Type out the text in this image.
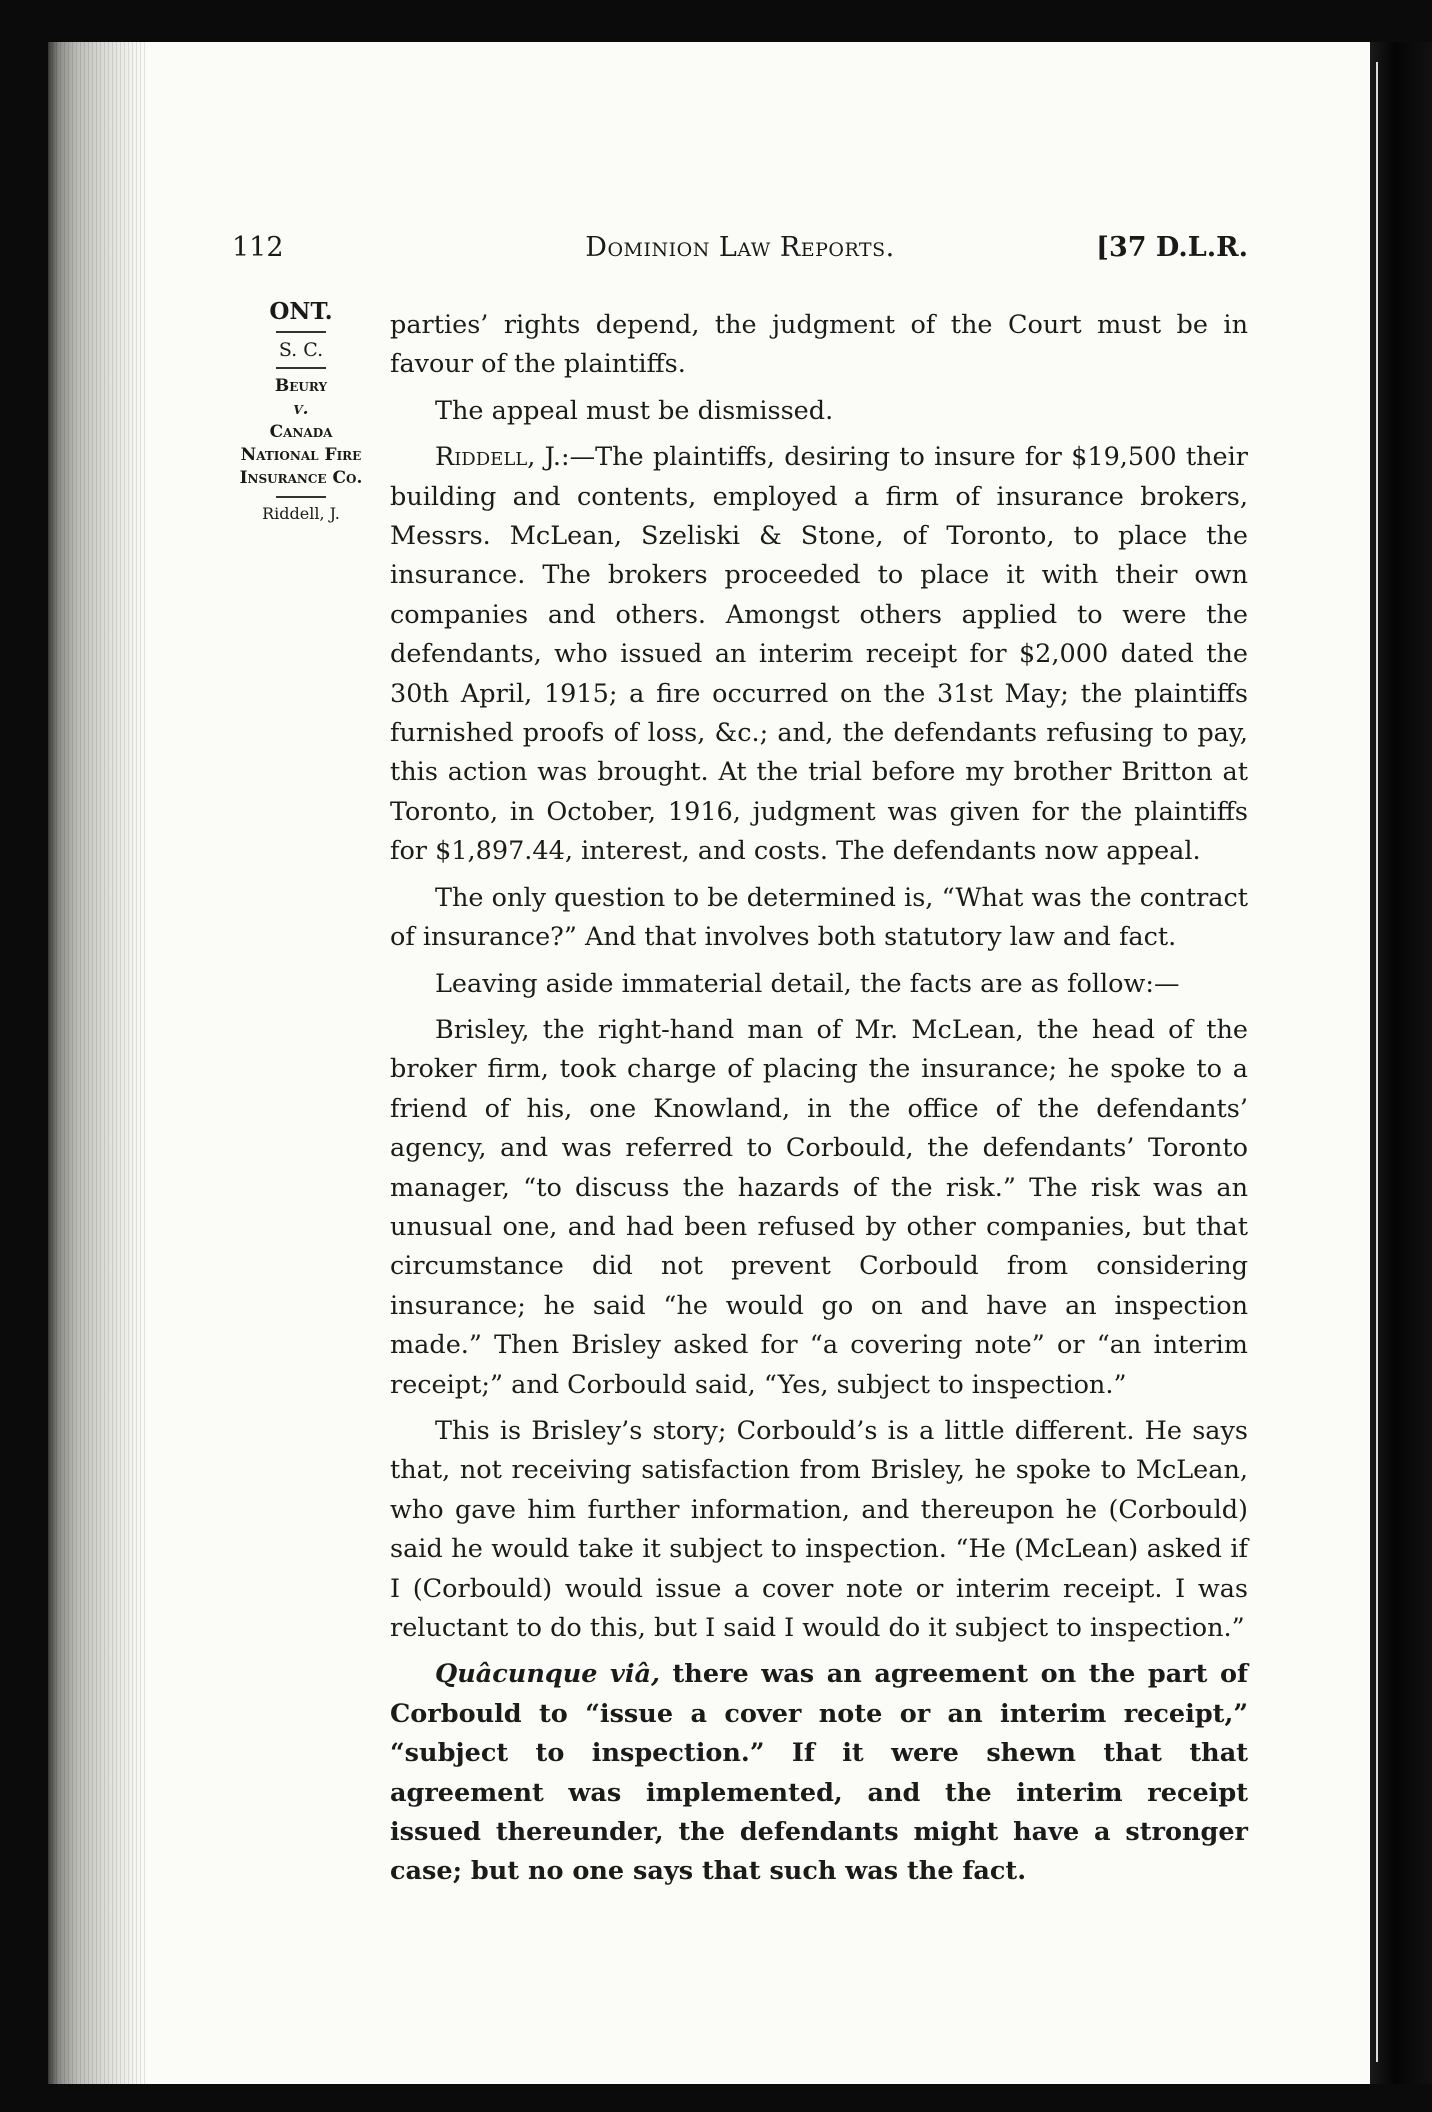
112	Dominion Law Reports.	[37 D.L.R.
ONT.
S. C.
Beury
v.
Canada National Fire Insurance Co.
Riddell, J.

parties’ rights depend, the judgment of the Court must be in favour of the plaintiffs.

The appeal must be dismissed.

Riddell, J.:—The plaintiffs, desiring to insure for $19,500 their building and contents, employed a firm of insurance brokers, Messrs. McLean, Szeliski & Stone, of Toronto, to place the insurance. The brokers proceeded to place it with their own companies and others. Amongst others applied to were the defendants, who issued an interim receipt for $2,000 dated the 30th April, 1915; a fire occurred on the 31st May; the plaintiffs furnished proofs of loss, &c.; and, the defendants refusing to pay, this action was brought. At the trial before my brother Britton at Toronto, in October, 1916, judgment was given for the plaintiffs for $1,897.44, interest, and costs. The defendants now appeal.

The only question to be determined is, “What was the contract of insurance?” And that involves both statutory law and fact.

Leaving aside immaterial detail, the facts are as follow:—

Brisley, the right-hand man of Mr. McLean, the head of the broker firm, took charge of placing the insurance; he spoke to a friend of his, one Knowland, in the office of the defendants’ agency, and was referred to Corbould, the defendants’ Toronto manager, “to discuss the hazards of the risk.” The risk was an unusual one, and had been refused by other companies, but that circumstance did not prevent Corbould from considering insurance; he said “he would go on and have an inspection made.” Then Brisley asked for “a covering note” or “an interim receipt;” and Corbould said, “Yes, subject to inspection.”

This is Brisley’s story; Corbould’s is a little different. He says that, not receiving satisfaction from Brisley, he spoke to McLean, who gave him further information, and thereupon he (Corbould) said he would take it subject to inspection. “He (McLean) asked if I (Corbould) would issue a cover note or interim receipt. I was reluctant to do this, but I said I would do it subject to inspection.”

Quâcunque viâ, there was an agreement on the part of Corbould to “issue a cover note or an interim receipt,” “subject to inspection.” If it were shewn that that agreement was implemented, and the interim receipt issued thereunder, the defendants might have a stronger case; but no one says that such was the fact.
